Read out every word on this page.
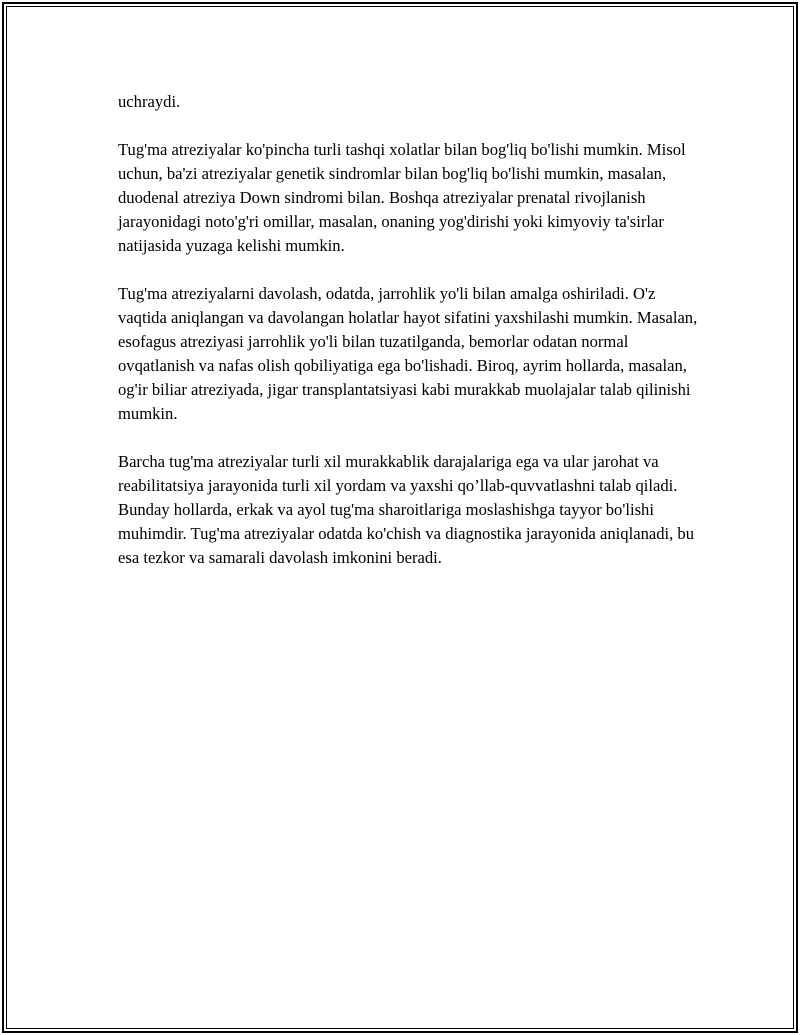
uchraydi.

Tug'ma atreziyalar ko'pincha turli tashqi xolatlar bilan bog'liq bo'lishi mumkin. Misol uchun, ba'zi atreziyalar genetik sindromlar bilan bog'liq bo'lishi mumkin, masalan, duodenal atreziya Down sindromi bilan. Boshqa atreziyalar prenatal rivojlanish jarayonidagi noto'g'ri omillar, masalan, onaning yog'dirishi yoki kimyoviy ta'sirlar natijasida yuzaga kelishi mumkin.

Tug'ma atreziyalarni davolash, odatda, jarrohlik yo'li bilan amalga oshiriladi. O'z vaqtida aniqlangan va davolangan holatlar hayot sifatini yaxshilashi mumkin. Masalan, esofagus atreziyasi jarrohlik yo'li bilan tuzatilganda, bemorlar odatan normal ovqatlanish va nafas olish qobiliyatiga ega bo'lishadi. Biroq, ayrim hollarda, masalan, og'ir biliar atreziyada, jigar transplantatsiyasi kabi murakkab muolajalar talab qilinishi mumkin.

Barcha tug'ma atreziyalar turli xil murakkablik darajalariga ega va ular jarohat va reabilitatsiya jarayonida turli xil yordam va yaxshi qo’llab-quvvatlashni talab qiladi. Bunday hollarda, erkak va ayol tug'ma sharoitlariga moslashishga tayyor bo'lishi muhimdir. Tug'ma atreziyalar odatda ko'chish va diagnostika jarayonida aniqlanadi, bu esa tezkor va samarali davolash imkonini beradi.
